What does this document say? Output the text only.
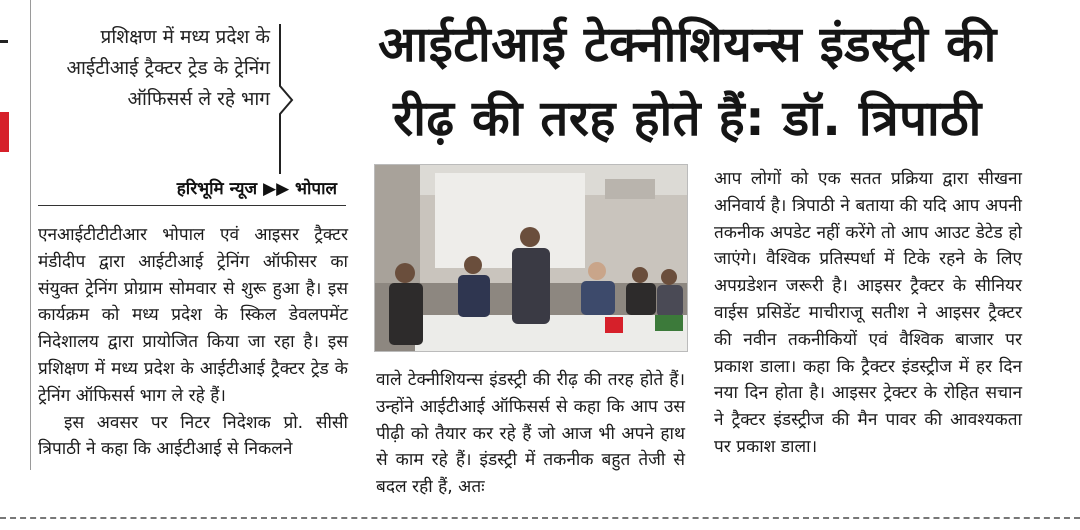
प्रशिक्षण में मध्य प्रदेश के आईटीआई ट्रैक्टर ट्रेड के ट्रेनिंग ऑफिसर्स ले रहे भाग
आईटीआई टेक्नीशियन्स इंडस्ट्री की
रीढ़ की तरह होते हैं: डॉ. त्रिपाठी
हरिभूमि न्यूज ▶▶ भोपाल

एनआईटीटीटीआर भोपाल एवं आइसर ट्रैक्टर मंडीदीप द्वारा आईटीआई ट्रेनिंग ऑफीसर का संयुक्त ट्रेनिंग प्रोग्राम सोमवार से शुरू हुआ है। इस कार्यक्रम को मध्य प्रदेश के स्किल डेवलपमेंट निदेशालय द्वारा प्रायोजित किया जा रहा है। इस प्रशिक्षण में मध्य प्रदेश के आईटीआई ट्रैक्टर ट्रेड के ट्रेनिंग ऑफिसर्स भाग ले रहे हैं।

इस अवसर पर निटर निदेशक प्रो. सीसी त्रिपाठी ने कहा कि आईटीआई से निकलने

वाले टेक्नीशियन्स इंडस्ट्री की रीढ़ की तरह होते हैं। उन्होंने आईटीआई ऑफिसर्स से कहा कि आप उस पीढ़ी को तैयार कर रहे हैं जो आज भी अपने हाथ से काम रहे हैं। इंडस्ट्री में तकनीक बहुत तेजी से बदल रही हैं, अतः

आप लोगों को एक सतत प्रक्रिया द्वारा सीखना अनिवार्य है। त्रिपाठी ने बताया की यदि आप अपनी तकनीक अपडेट नहीं करेंगे तो आप आउट डेटेड हो जाएंगे। वैश्विक प्रतिस्पर्धा में टिके रहने के लिए अपग्रडेशन जरूरी है। आइसर ट्रैक्टर के सीनियर वाईस प्रसिडेंट माचीराजू सतीश ने आइसर ट्रैक्टर की नवीन तकनीकियों एवं वैश्विक बाजार पर प्रकाश डाला। कहा कि ट्रैक्टर इंडस्ट्रीज में हर दिन नया दिन होता है। आइसर ट्रेक्टर के रोहित सचान ने ट्रैक्टर इंडस्ट्रीज की मैन पावर की आवश्यकता पर प्रकाश डाला।
